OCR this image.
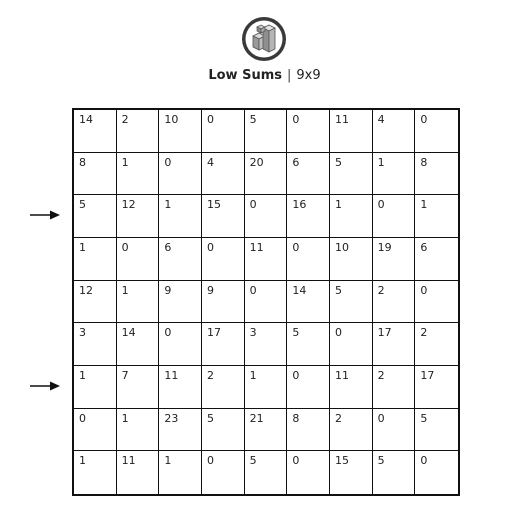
Low Sums | 9x9
14	2	10	0	5	0	11	4	0
8	1	0	4	20	6	5	1	8
5	12	1	15	0	16	1	0	1
1	0	6	0	11	0	10	19	6
12	1	9	9	0	14	5	2	0
3	14	0	17	3	5	0	17	2
1	7	11	2	1	0	11	2	17
0	1	23	5	21	8	2	0	5
1	11	1	0	5	0	15	5	0
